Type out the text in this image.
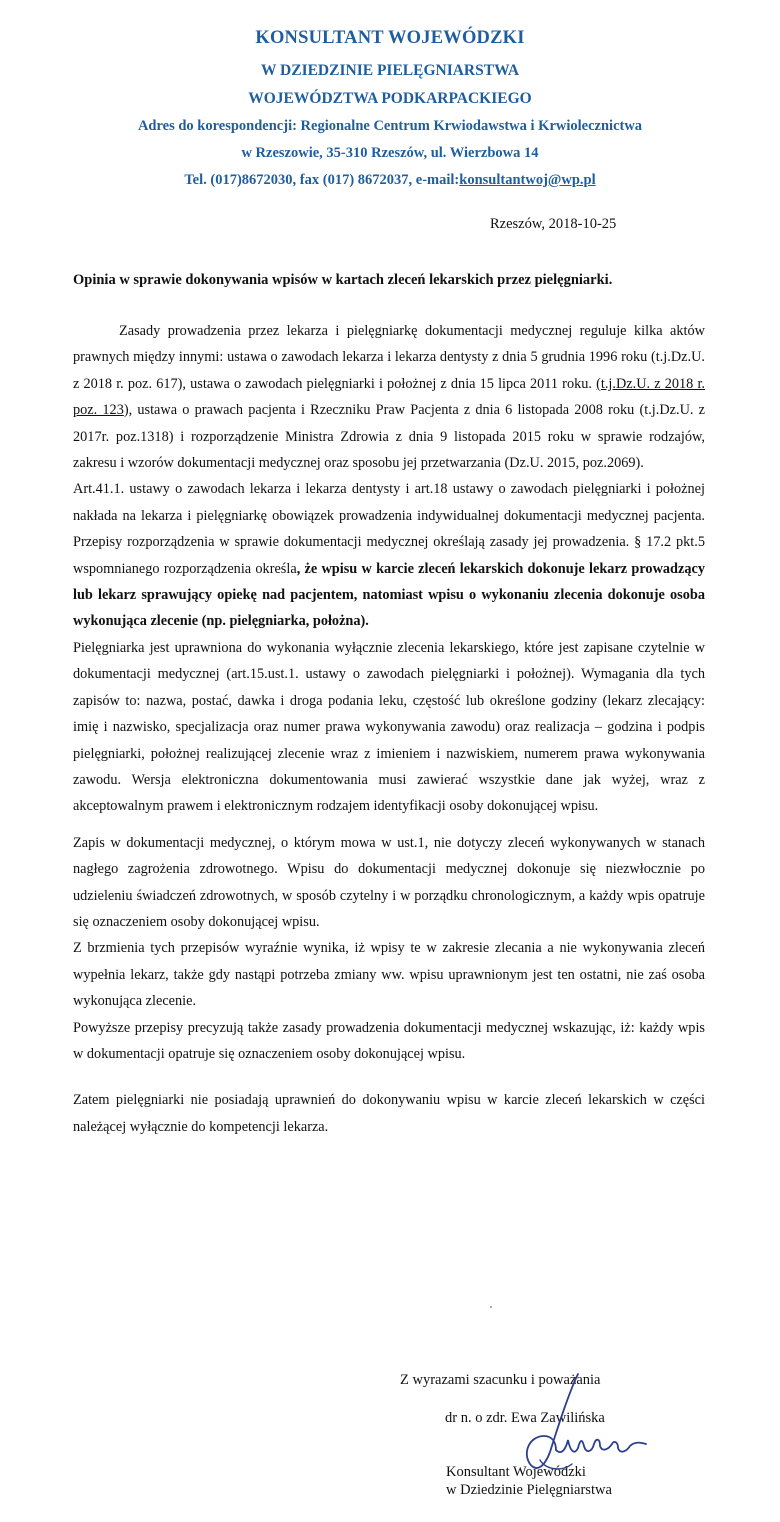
KONSULTANT WOJEWÓDZKI
W DZIEDZINIE PIELĘGNIARSTWA
WOJEWÓDZTWA PODKARPACKIEGO
Adres do korespondencji: Regionalne Centrum Krwiodawstwa i Krwiolecznictwa
w Rzeszowie, 35-310 Rzeszów, ul. Wierzbowa 14
Tel. (017)8672030, fax (017) 8672037, e-mail:konsultantwoj@wp.pl
Rzeszów, 2018-10-25
Opinia w sprawie dokonywania wpisów w kartach zleceń lekarskich przez pielęgniarki.

Zasady prowadzenia przez lekarza i pielęgniarkę dokumentacji medycznej reguluje kilka aktów prawnych między innymi: ustawa o zawodach lekarza i lekarza dentysty z dnia 5 grudnia 1996 roku (t.j.Dz.U. z 2018 r. poz. 617), ustawa o zawodach pielęgniarki i położnej z dnia 15 lipca 2011 roku. (t.j.Dz.U. z 2018 r. poz. 123), ustawa o prawach pacjenta i Rzeczniku Praw Pacjenta z dnia 6 listopada 2008 roku (t.j.Dz.U. z 2017r. poz.1318) i rozporządzenie Ministra Zdrowia z dnia 9 listopada 2015 roku w sprawie rodzajów, zakresu i wzorów dokumentacji medycznej oraz sposobu jej przetwarzania (Dz.U. 2015, poz.2069).

Art.41.1. ustawy o zawodach lekarza i lekarza dentysty i art.18 ustawy o zawodach pielęgniarki i położnej nakłada na lekarza i pielęgniarkę obowiązek prowadzenia indywidualnej dokumentacji medycznej pacjenta. Przepisy rozporządzenia w sprawie dokumentacji medycznej określają zasady jej prowadzenia. § 17.2 pkt.5 wspomnianego rozporządzenia określa, że wpisu w karcie zleceń lekarskich dokonuje lekarz prowadzący lub lekarz sprawujący opiekę nad pacjentem, natomiast wpisu o wykonaniu zlecenia dokonuje osoba wykonująca zlecenie (np. pielęgniarka, położna).

Pielęgniarka jest uprawniona do wykonania wyłącznie zlecenia lekarskiego, które jest zapisane czytelnie w dokumentacji medycznej (art.15.ust.1. ustawy o zawodach pielęgniarki i położnej). Wymagania dla tych zapisów to: nazwa, postać, dawka i droga podania leku, częstość lub określone godziny (lekarz zlecający: imię i nazwisko, specjalizacja oraz numer prawa wykonywania zawodu) oraz realizacja – godzina i podpis pielęgniarki, położnej realizującej zlecenie wraz z imieniem i nazwiskiem, numerem prawa wykonywania zawodu. Wersja elektroniczna dokumentowania musi zawierać wszystkie dane jak wyżej, wraz z akceptowalnym prawem i elektronicznym rodzajem identyfikacji osoby dokonującej wpisu.

Zapis w dokumentacji medycznej, o którym mowa w ust.1, nie dotyczy zleceń wykonywanych w stanach nagłego zagrożenia zdrowotnego. Wpisu do dokumentacji medycznej dokonuje się niezwłocznie po udzieleniu świadczeń zdrowotnych, w sposób czytelny i w porządku chronologicznym, a każdy wpis opatruje się oznaczeniem osoby dokonującej wpisu.

Z brzmienia tych przepisów wyraźnie wynika, iż wpisy te w zakresie zlecania a nie wykonywania zleceń wypełnia lekarz, także gdy nastąpi potrzeba zmiany ww. wpisu uprawnionym jest ten ostatni, nie zaś osoba wykonująca zlecenie.

Powyższe przepisy precyzują także zasady prowadzenia dokumentacji medycznej wskazując, iż: każdy wpis w dokumentacji opatruje się oznaczeniem osoby dokonującej wpisu.

Zatem pielęgniarki nie posiadają uprawnień do dokonywaniu wpisu w karcie zleceń lekarskich w części należącej wyłącznie do kompetencji lekarza.

Z wyrazami szacunku i poważania
dr n. o zdr. Ewa Zawilińska
Konsultant Wojewódzki
w Dziedzinie Pielęgniarstwa
